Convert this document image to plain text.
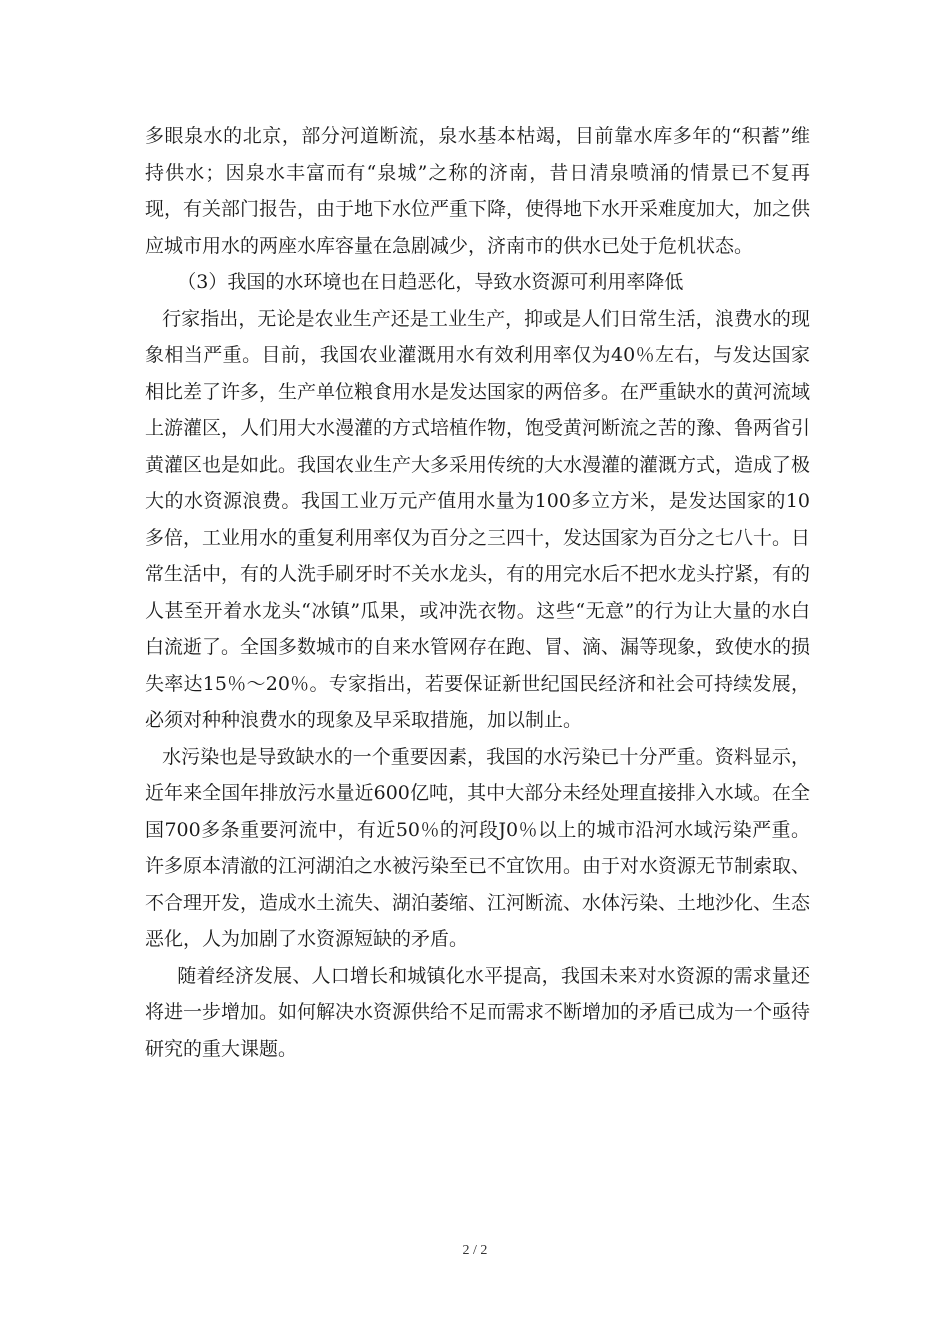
多眼泉水的北京，部分河道断流，泉水基本枯竭，目前靠水库多年的“积蓄”维持供水；因泉水丰富而有“泉城”之称的济南，昔日清泉喷涌的情景已不复再现，有关部门报告，由于地下水位严重下降，使得地下水开采难度加大，加之供应城市用水的两座水库容量在急剧减少，济南市的供水已处于危机状态。

（3）我国的水环境也在日趋恶化，导致水资源可利用率降低

行家指出，无论是农业生产还是工业生产，抑或是人们日常生活，浪费水的现象相当严重。目前，我国农业灌溉用水有效利用率仅为40％左右，与发达国家相比差了许多，生产单位粮食用水是发达国家的两倍多。在严重缺水的黄河流域上游灌区，人们用大水漫灌的方式培植作物，饱受黄河断流之苦的豫、鲁两省引黄灌区也是如此。我国农业生产大多采用传统的大水漫灌的灌溉方式，造成了极大的水资源浪费。我国工业万元产值用水量为100多立方米，是发达国家的10多倍，工业用水的重复利用率仅为百分之三四十，发达国家为百分之七八十。日常生活中，有的人洗手刷牙时不关水龙头，有的用完水后不把水龙头拧紧，有的人甚至开着水龙头“冰镇”瓜果，或冲洗衣物。这些“无意”的行为让大量的水白白流逝了。全国多数城市的自来水管网存在跑、冒、滴、漏等现象，致使水的损失率达15％～20％。专家指出，若要保证新世纪国民经济和社会可持续发展，必须对种种浪费水的现象及早采取措施，加以制止。

水污染也是导致缺水的一个重要因素，我国的水污染已十分严重。资料显示，近年来全国年排放污水量近600亿吨，其中大部分未经处理直接排入水域。在全国700多条重要河流中，有近50％的河段J0％以上的城市沿河水域污染严重。许多原本清澈的江河湖泊之水被污染至已不宜饮用。由于对水资源无节制索取、不合理开发，造成水土流失、湖泊萎缩、江河断流、水体污染、土地沙化、生态恶化，人为加剧了水资源短缺的矛盾。

随着经济发展、人口增长和城镇化水平提高，我国未来对水资源的需求量还将进一步增加。如何解决水资源供给不足而需求不断增加的矛盾已成为一个亟待研究的重大课题。

2 / 2
